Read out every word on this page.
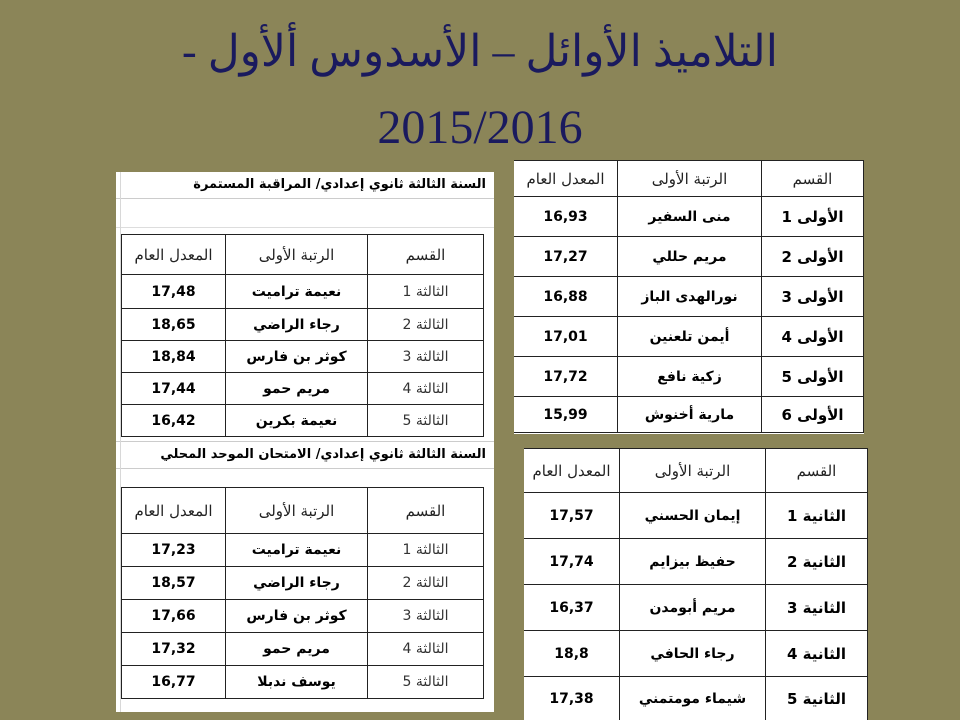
التلاميذ الأوائل – الأسدوس ألأول -
2015/2016
السنة الثالثة ثانوي إعدادي/ المراقبة المستمرة
القسم	الرتبة الأولى	المعدل العام
الثالثة 1	نعيمة تراميت	17,48
الثالثة 2	رجاء الراضي	18,65
الثالثة 3	كوثر بن فارس	18,84
الثالثة 4	مريم حمو	17,44
الثالثة 5	نعيمة بكرين	16,42
السنة الثالثة ثانوي إعدادي/ الامتحان الموحد المحلي
القسم	الرتبة الأولى	المعدل العام
الثالثة 1	نعيمة تراميت	17,23
الثالثة 2	رجاء الراضي	18,57
الثالثة 3	كوثر بن فارس	17,66
الثالثة 4	مريم حمو	17,32
الثالثة 5	يوسف ندبلا	16,77
القسم	الرتبة الأولى	المعدل العام
الأولى 1	منى السفير	16,93
الأولى 2	مريم حللي	17,27
الأولى 3	نورالهدى الباز	16,88
الأولى 4	أيمن تلعنين	17,01
الأولى 5	زكية نافع	17,72
الأولى 6	مارية أخنوش	15,99
القسم	الرتبة الأولى	المعدل العام
الثانية 1	إيمان الحسني	17,57
الثانية 2	حفيظ بيزايم	17,74
الثانية 3	مريم أبومدن	16,37
الثانية 4	رجاء الحافي	18,8
الثانية 5	شيماء مومتمني	17,38
